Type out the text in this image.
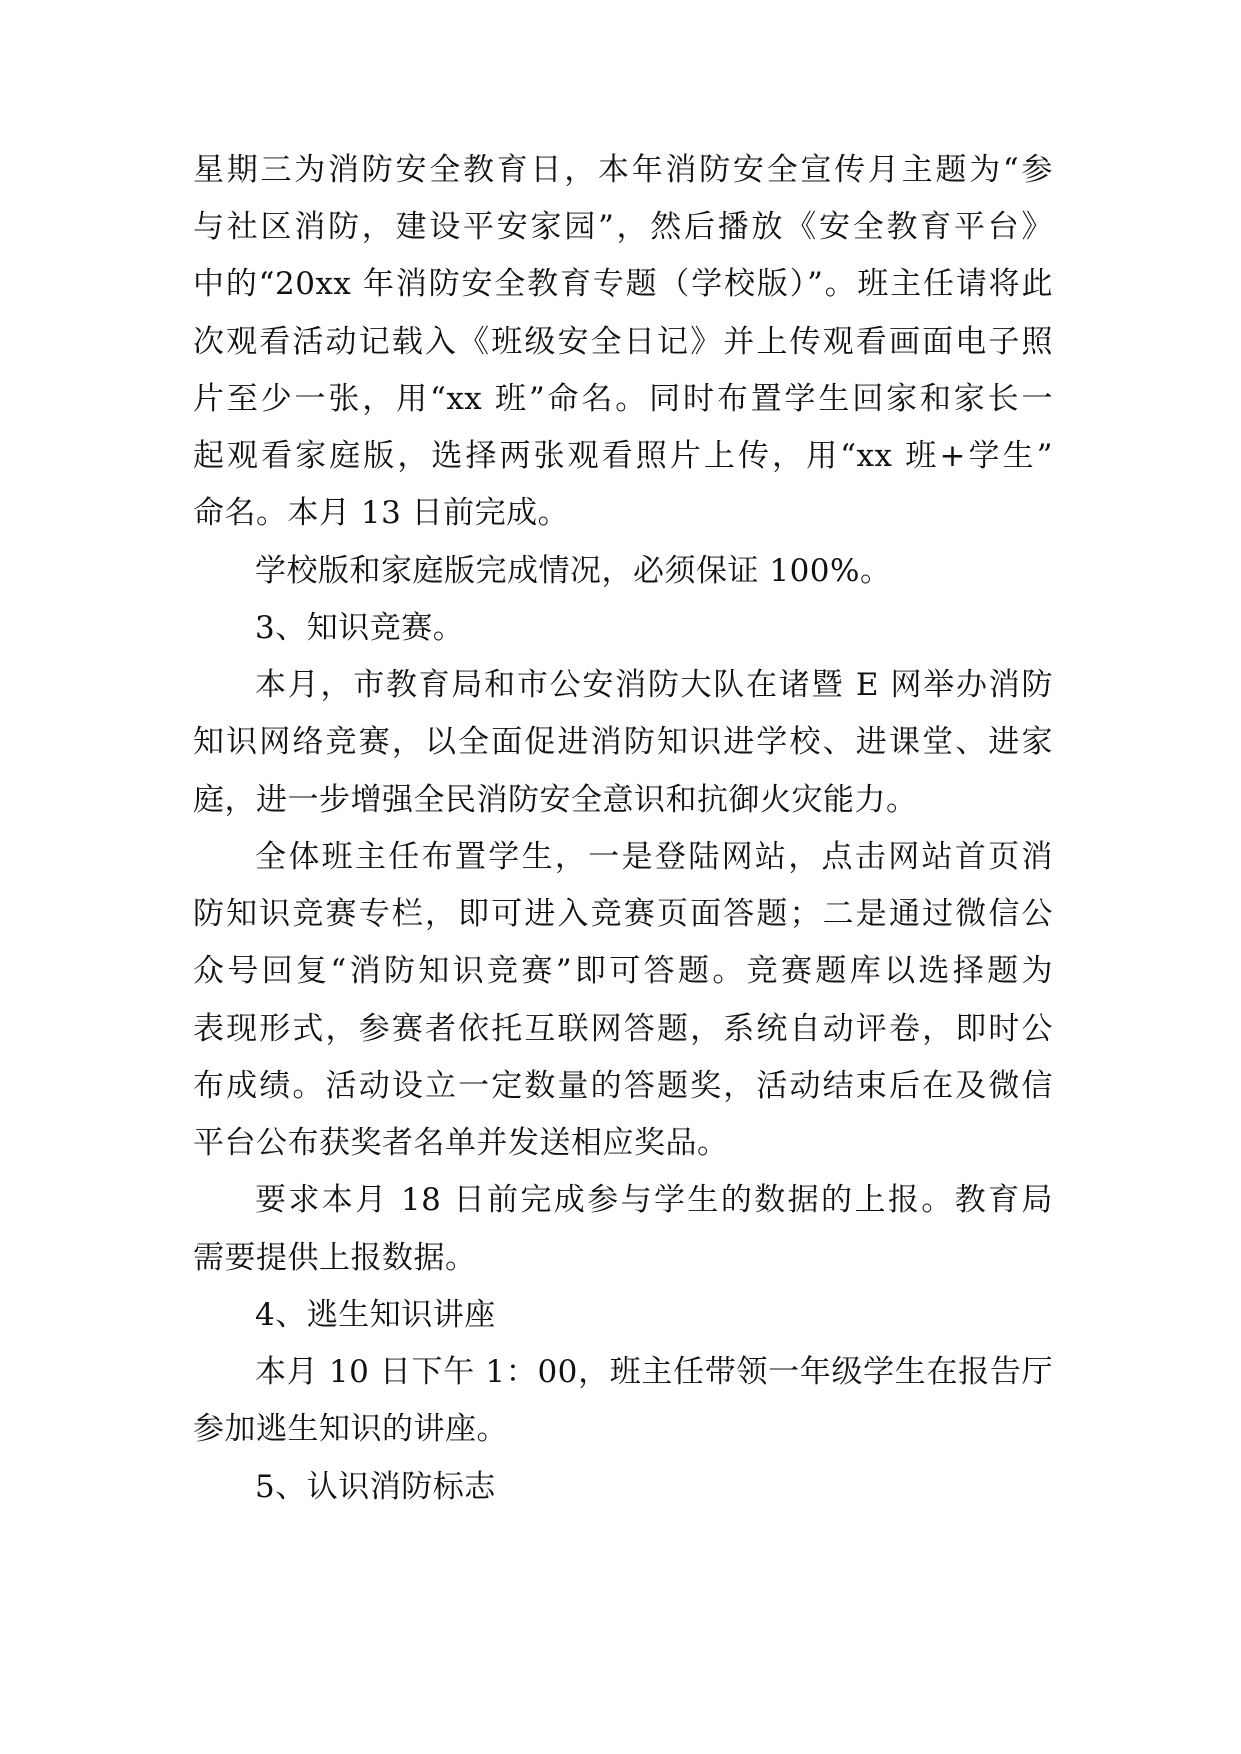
星期三为消防安全教育日，本年消防安全宣传月主题为“参
与社区消防，建设平安家园”，然后播放《安全教育平台》
中的“20xx 年消防安全教育专题（学校版）”。班主任请将此
次观看活动记载入《班级安全日记》并上传观看画面电子照
片至少一张，用“xx 班”命名。同时布置学生回家和家长一
起观看家庭版，选择两张观看照片上传，用“xx 班+学生”
命名。本月 13 日前完成。
学校版和家庭版完成情况，必须保证 100%。
3、知识竞赛。
本月，市教育局和市公安消防大队在诸暨 E 网举办消防
知识网络竞赛，以全面促进消防知识进学校、进课堂、进家
庭，进一步增强全民消防安全意识和抗御火灾能力。
全体班主任布置学生，一是登陆网站，点击网站首页消
防知识竞赛专栏，即可进入竞赛页面答题；二是通过微信公
众号回复“消防知识竞赛”即可答题。竞赛题库以选择题为
表现形式，参赛者依托互联网答题，系统自动评卷，即时公
布成绩。活动设立一定数量的答题奖，活动结束后在及微信
平台公布获奖者名单并发送相应奖品。
要求本月 18 日前完成参与学生的数据的上报。教育局
需要提供上报数据。
4、逃生知识讲座
本月 10 日下午 1：00，班主任带领一年级学生在报告厅
参加逃生知识的讲座。
5、认识消防标志
